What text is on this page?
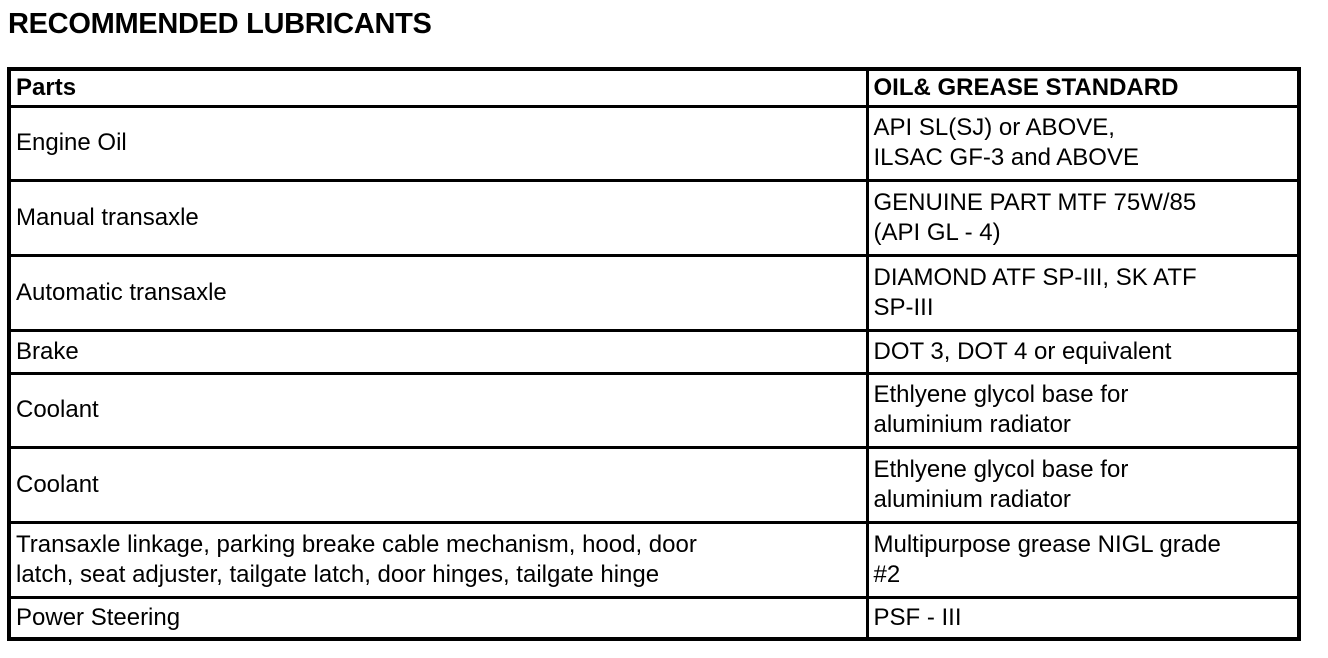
RECOMMENDED LUBRICANTS
Parts	OIL& GREASE STANDARD

Engine Oil	API SL(SJ) or ABOVE,
ILSAC GF-3 and ABOVE

Manual transaxle	GENUINE PART MTF 75W/85
(API GL - 4)

Automatic transaxle	DIAMOND ATF SP-III, SK ATF
SP-III

Brake	DOT 3, DOT 4 or equivalent

Coolant	Ethlyene glycol base for
aluminium radiator

Coolant	Ethlyene glycol base for
aluminium radiator

Transaxle linkage, parking breake cable mechanism, hood, door
latch, seat adjuster, tailgate latch, door hinges, tailgate hinge	Multipurpose grease NIGL grade
#2

Power Steering	PSF - III
